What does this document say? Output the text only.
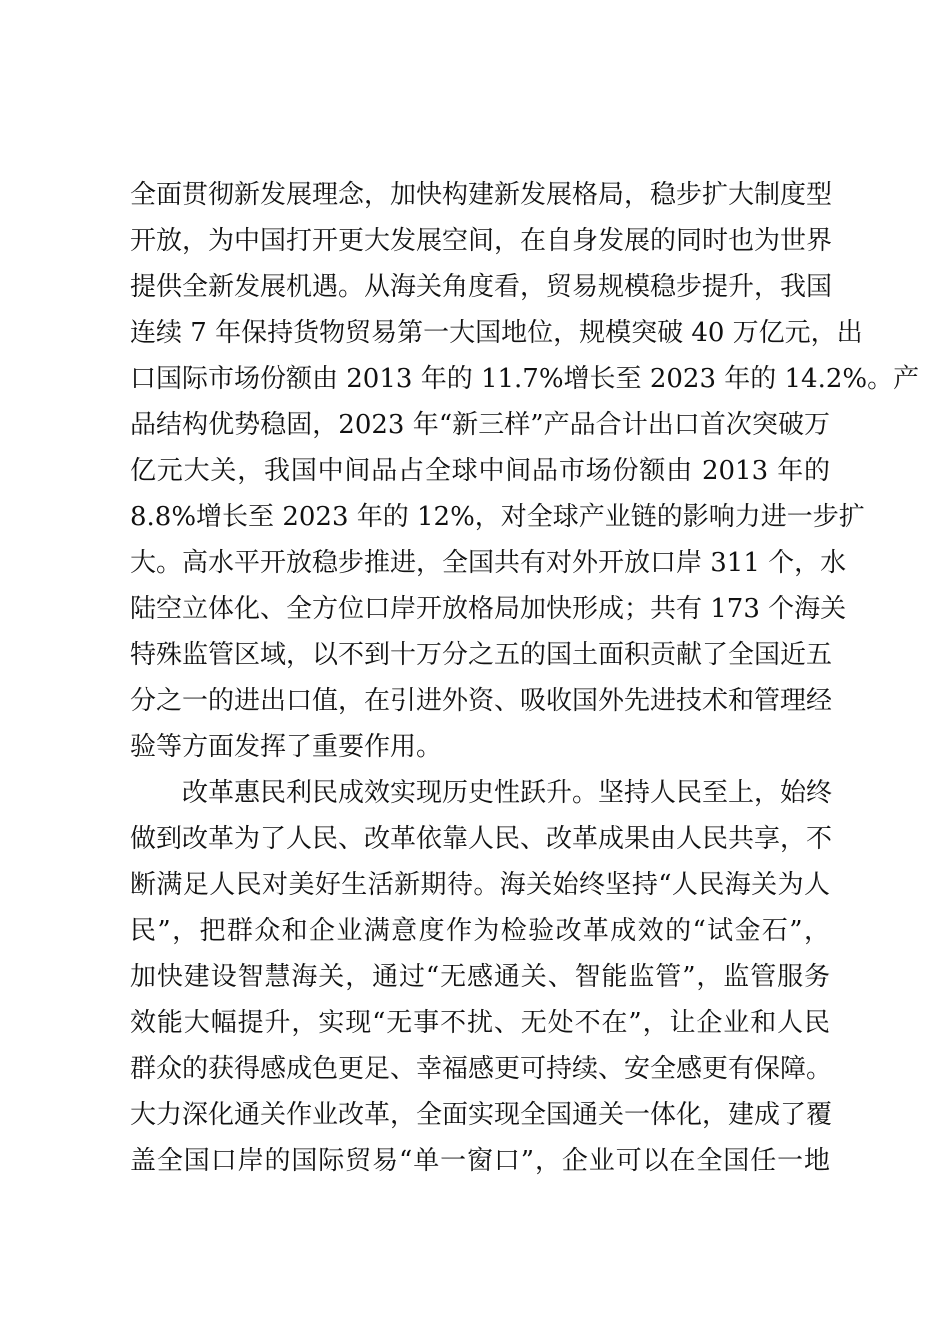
全面贯彻新发展理念，加快构建新发展格局，稳步扩大制度型
开放，为中国打开更大发展空间，在自身发展的同时也为世界
提供全新发展机遇。从海关角度看，贸易规模稳步提升，我国
连续 7 年保持货物贸易第一大国地位，规模突破 40 万亿元，出
口国际市场份额由 2013 年的 11.7%增长至 2023 年的 14.2%。产
品结构优势稳固，2023 年“新三样”产品合计出口首次突破万
亿元大关，我国中间品占全球中间品市场份额由 2013 年的
8.8%增长至 2023 年的 12%，对全球产业链的影响力进一步扩
大。高水平开放稳步推进，全国共有对外开放口岸 311 个，水
陆空立体化、全方位口岸开放格局加快形成；共有 173 个海关
特殊监管区域，以不到十万分之五的国土面积贡献了全国近五
分之一的进出口值，在引进外资、吸收国外先进技术和管理经
验等方面发挥了重要作用。
改革惠民利民成效实现历史性跃升。坚持人民至上，始终
做到改革为了人民、改革依靠人民、改革成果由人民共享，不
断满足人民对美好生活新期待。海关始终坚持“人民海关为人
民”，把群众和企业满意度作为检验改革成效的“试金石”，
加快建设智慧海关，通过“无感通关、智能监管”，监管服务
效能大幅提升，实现“无事不扰、无处不在”，让企业和人民
群众的获得感成色更足、幸福感更可持续、安全感更有保障。
大力深化通关作业改革，全面实现全国通关一体化，建成了覆
盖全国口岸的国际贸易“单一窗口”，企业可以在全国任一地
